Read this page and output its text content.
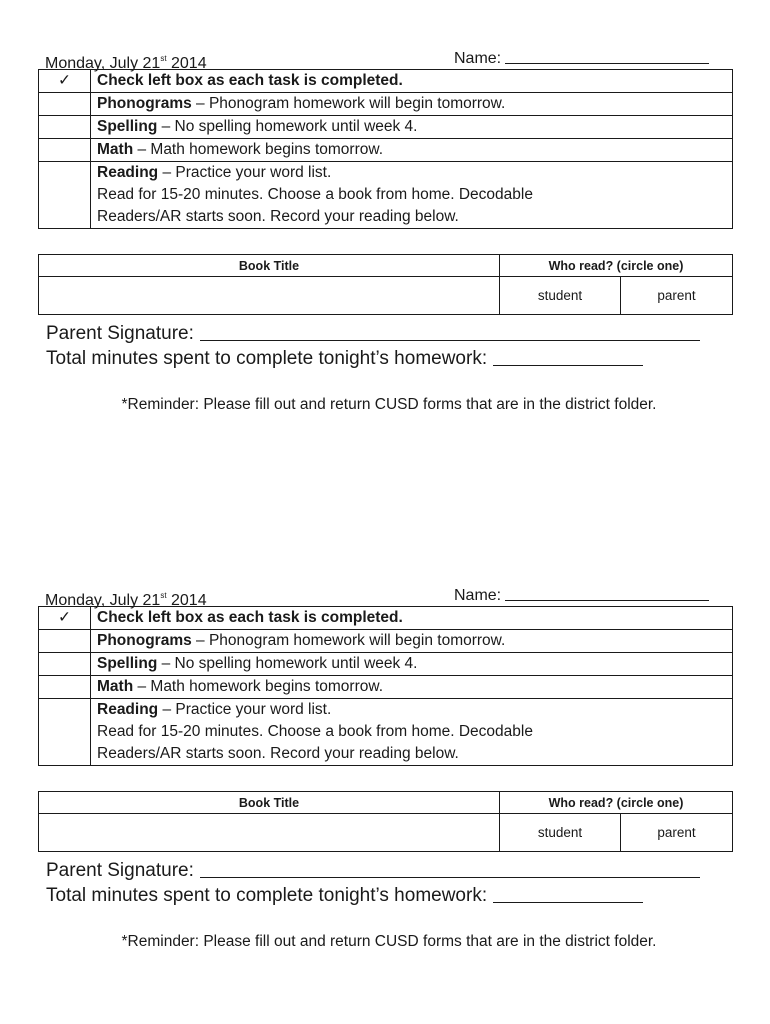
Monday, July 21st 2014	Name:
✓	Check left box as each task is completed.
	Phonograms – Phonogram homework will begin tomorrow.
	Spelling – No spelling homework until week 4.
	Math – Math homework begins tomorrow.
	Reading – Practice your word list.
Read for 15-20 minutes. Choose a book from home. Decodable
Readers/AR starts soon. Record your reading below.
Book Title	Who read? (circle one)	
	student	parent
Parent Signature:
Total minutes spent to complete tonight’s homework:
*Reminder: Please fill out and return CUSD forms that are in the district folder.
Monday, July 21st 2014	Name:
✓	Check left box as each task is completed.
	Phonograms – Phonogram homework will begin tomorrow.
	Spelling – No spelling homework until week 4.
	Math – Math homework begins tomorrow.
	Reading – Practice your word list.
Read for 15-20 minutes. Choose a book from home. Decodable
Readers/AR starts soon. Record your reading below.
Book Title	Who read? (circle one)	
	student	parent
Parent Signature:
Total minutes spent to complete tonight’s homework:
*Reminder: Please fill out and return CUSD forms that are in the district folder.
